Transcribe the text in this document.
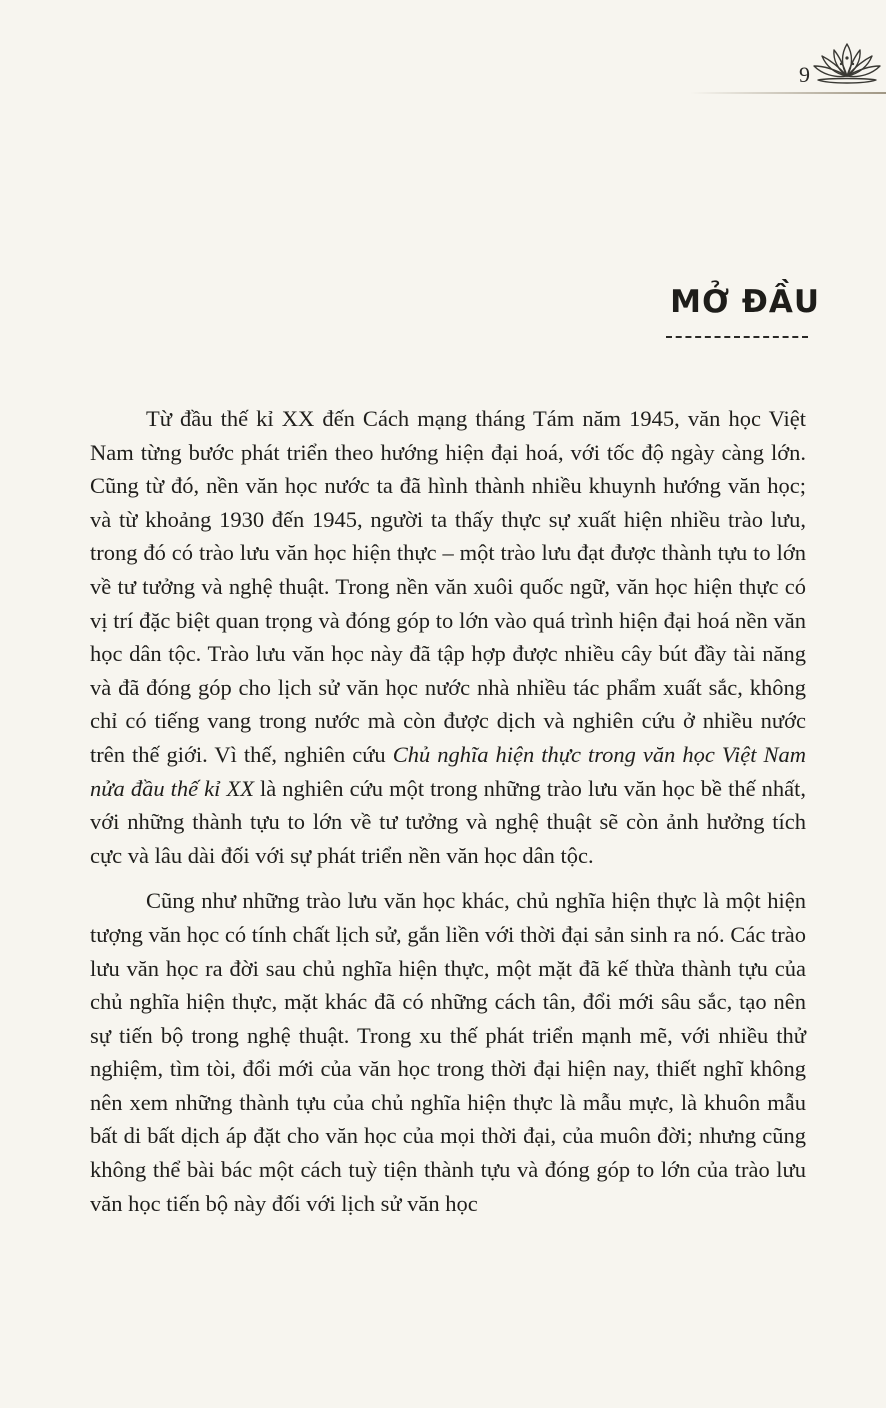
9
MỞ ĐẦU

Từ đầu thế kỉ XX đến Cách mạng tháng Tám năm 1945, văn học Việt Nam từng bước phát triển theo hướng hiện đại hoá, với tốc độ ngày càng lớn. Cũng từ đó, nền văn học nước ta đã hình thành nhiều khuynh hướng văn học; và từ khoảng 1930 đến 1945, người ta thấy thực sự xuất hiện nhiều trào lưu, trong đó có trào lưu văn học hiện thực – một trào lưu đạt được thành tựu to lớn về tư tưởng và nghệ thuật. Trong nền văn xuôi quốc ngữ, văn học hiện thực có vị trí đặc biệt quan trọng và đóng góp to lớn vào quá trình hiện đại hoá nền văn học dân tộc. Trào lưu văn học này đã tập hợp được nhiều cây bút đầy tài năng và đã đóng góp cho lịch sử văn học nước nhà nhiều tác phẩm xuất sắc, không chỉ có tiếng vang trong nước mà còn được dịch và nghiên cứu ở nhiều nước trên thế giới. Vì thế, nghiên cứu Chủ nghĩa hiện thực trong văn học Việt Nam nửa đầu thế kỉ XX là nghiên cứu một trong những trào lưu văn học bề thế nhất, với những thành tựu to lớn về tư tưởng và nghệ thuật sẽ còn ảnh hưởng tích cực và lâu dài đối với sự phát triển nền văn học dân tộc.

Cũng như những trào lưu văn học khác, chủ nghĩa hiện thực là một hiện tượng văn học có tính chất lịch sử, gắn liền với thời đại sản sinh ra nó. Các trào lưu văn học ra đời sau chủ nghĩa hiện thực, một mặt đã kế thừa thành tựu của chủ nghĩa hiện thực, mặt khác đã có những cách tân, đổi mới sâu sắc, tạo nên sự tiến bộ trong nghệ thuật. Trong xu thế phát triển mạnh mẽ, với nhiều thử nghiệm, tìm tòi, đổi mới của văn học trong thời đại hiện nay, thiết nghĩ không nên xem những thành tựu của chủ nghĩa hiện thực là mẫu mực, là khuôn mẫu bất di bất dịch áp đặt cho văn học của mọi thời đại, của muôn đời; nhưng cũng không thể bài bác một cách tuỳ tiện thành tựu và đóng góp to lớn của trào lưu văn học tiến bộ này đối với lịch sử văn học
